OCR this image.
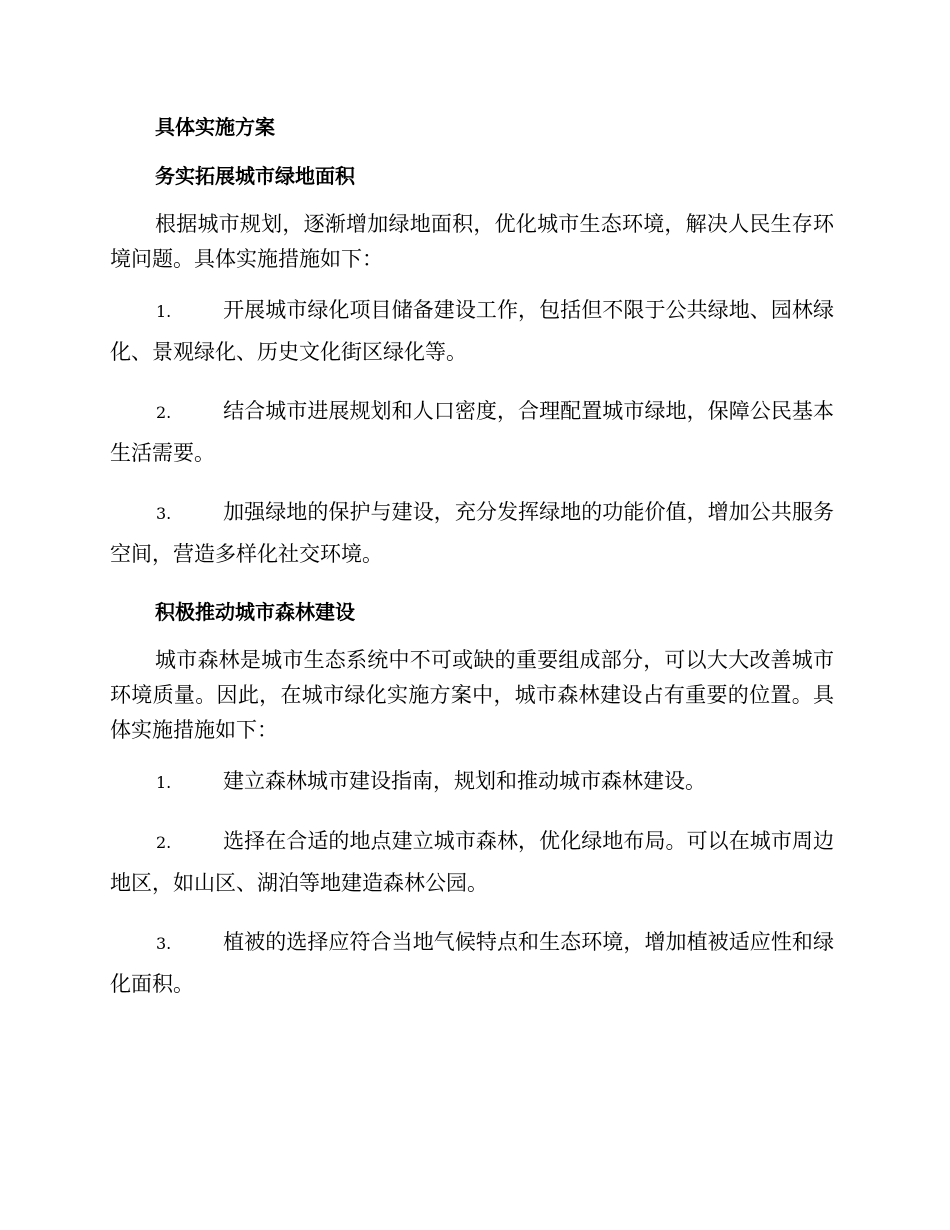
具体实施方案
务实拓展城市绿地面积

根据城市规划，逐渐增加绿地面积，优化城市生态环境，解决人民生存环境问题。具体实施措施如下：

1. 开展城市绿化项目储备建设工作，包括但不限于公共绿地、园林绿化、景观绿化、历史文化街区绿化等。

2. 结合城市进展规划和人口密度，合理配置城市绿地，保障公民基本生活需要。

3. 加强绿地的保护与建设，充分发挥绿地的功能价值，增加公共服务空间，营造多样化社交环境。

积极推动城市森林建设

城市森林是城市生态系统中不可或缺的重要组成部分，可以大大改善城市环境质量。因此，在城市绿化实施方案中，城市森林建设占有重要的位置。具体实施措施如下：

1. 建立森林城市建设指南，规划和推动城市森林建设。

2. 选择在合适的地点建立城市森林，优化绿地布局。可以在城市周边地区，如山区、湖泊等地建造森林公园。

3. 植被的选择应符合当地气候特点和生态环境，增加植被适应性和绿化面积。
